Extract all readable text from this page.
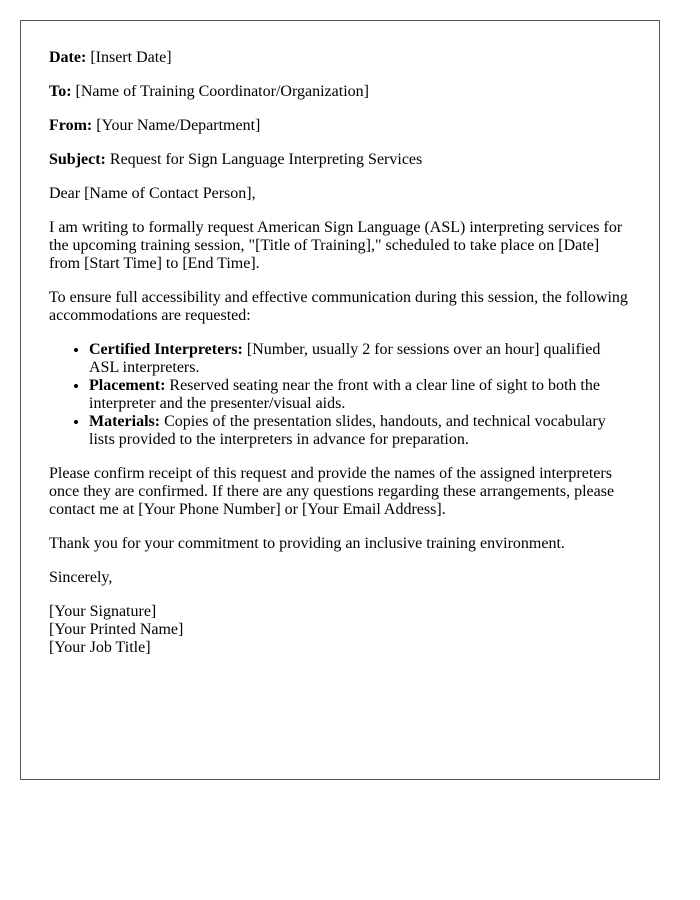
Date: [Insert Date]
To: [Name of Training Coordinator/Organization]
From: [Your Name/Department]
Subject: Request for Sign Language Interpreting Services

Dear [Name of Contact Person],

I am writing to formally request American Sign Language (ASL) interpreting services for the upcoming training session, "[Title of Training]," scheduled to take place on [Date] from [Start Time] to [End Time].

To ensure full accessibility and effective communication during this session, the following accommodations are requested:

• Certified Interpreters: [Number, usually 2 for sessions over an hour] qualified ASL interpreters.
• Placement: Reserved seating near the front with a clear line of sight to both the interpreter and the presenter/visual aids.
• Materials: Copies of the presentation slides, handouts, and technical vocabulary lists provided to the interpreters in advance for preparation.

Please confirm receipt of this request and provide the names of the assigned interpreters once they are confirmed. If there are any questions regarding these arrangements, please contact me at [Your Phone Number] or [Your Email Address].

Thank you for your commitment to providing an inclusive training environment.

Sincerely,

[Your Signature]
[Your Printed Name]
[Your Job Title]
